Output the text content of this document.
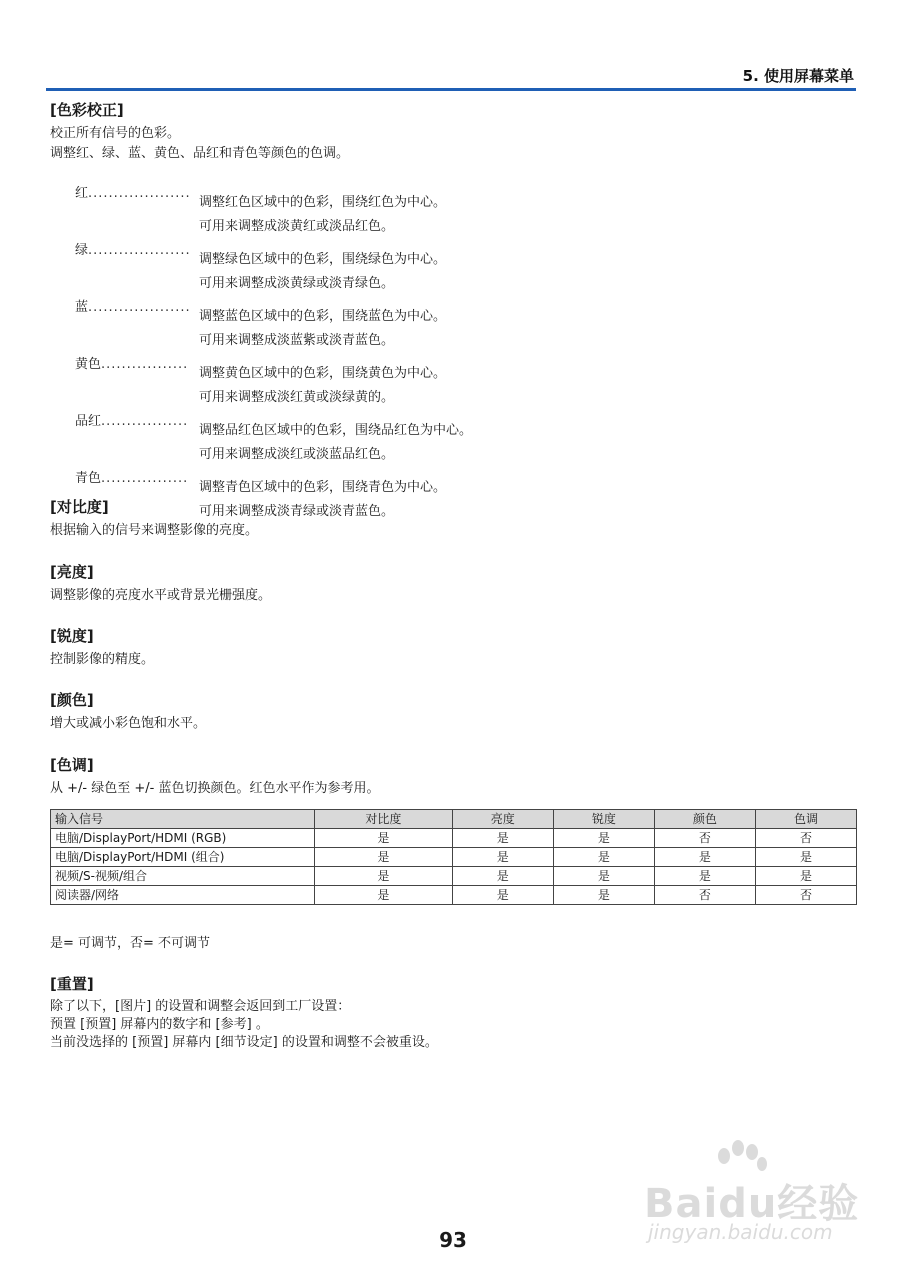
5. 使用屏幕菜单
[色彩校正]

校正所有信号的色彩。

调整红、绿、蓝、黄色、品红和青色等颜色的色调。

红....................调整红色区域中的色彩，围绕红色为中心。
可用来调整成淡黄红或淡品红色。
绿....................调整绿色区域中的色彩，围绕绿色为中心。
可用来调整成淡黄绿或淡青绿色。
蓝....................调整蓝色区域中的色彩，围绕蓝色为中心。
可用来调整成淡蓝紫或淡青蓝色。
黄色.................调整黄色区域中的色彩，围绕黄色为中心。
可用来调整成淡红黄或淡绿黄的。
品红.................调整品红色区域中的色彩，围绕品红色为中心。
可用来调整成淡红或淡蓝品红色。
青色.................调整青色区域中的色彩，围绕青色为中心。
可用来调整成淡青绿或淡青蓝色。
[对比度]

根据输入的信号来调整影像的亮度。

[亮度]

调整影像的亮度水平或背景光栅强度。

[锐度]

控制影像的精度。

[颜色]

增大或减小彩色饱和水平。

[色调]

从 +/- 绿色至 +/- 蓝色切换颜色。红色水平作为参考用。

输入信号	对比度	亮度	锐度	颜色	色调
电脑/DisplayPort/HDMI (RGB)	是	是	是	否	否
电脑/DisplayPort/HDMI (组合)	是	是	是	是	是
视频/S-视频/组合	是	是	是	是	是
阅读器/网络	是	是	是	否	否

是= 可调节，否= 不可调节

[重置]

除了以下，[图片] 的设置和调整会返回到工厂设置：

预置 [预置] 屏幕内的数字和 [参考] 。

当前没选择的 [预置] 屏幕内 [细节设定] 的设置和调整不会被重设。

Baidu经验
jingyan.baidu.com
93
